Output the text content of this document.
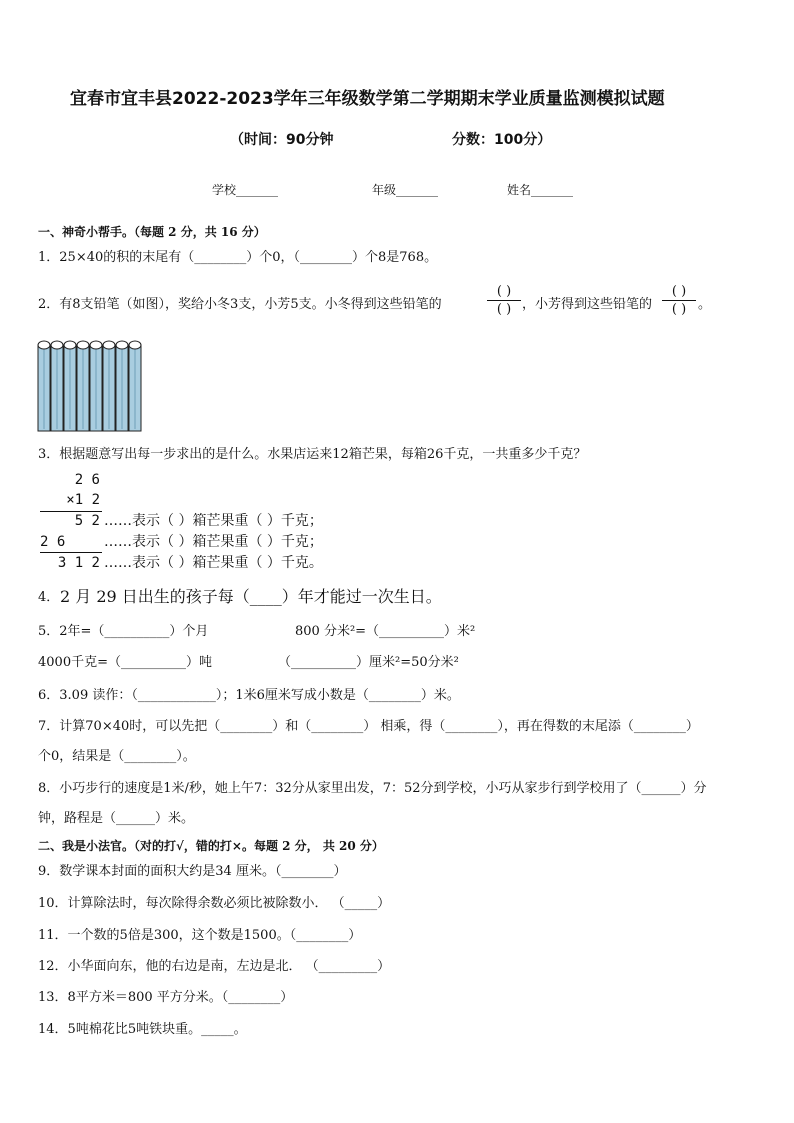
宜春市宜丰县2022-2023学年三年级数学第二学期期末学业质量监测模拟试题
（时间：90分钟	分数：100分）
学校_______	年级_______	姓名_______
一、神奇小帮手。（每题 2 分，共 16 分）
1．25×40的积的末尾有（________）个0，（________）个8是768。
2．有8支铅笔（如图），奖给小冬3支，小芳5支。小冬得到这些铅笔的
( )
( ) ，小芳得到这些铅笔的
( )
( ) 。
3．根据题意写出每一步求出的是什么。水果店运来12箱芒果，每箱26千克，一共重多少千克？
2 6
×1 2
5 2
2 6
3 1 2
……表示（ ）箱芒果重（ ）千克；
……表示（ ）箱芒果重（ ）千克；
……表示（ ）箱芒果重（ ）千克。
4． 2 月 29 日出生的孩子每（____）年才能过一次生日。
5．2年=（__________）个月	800 分米²=（__________）米²
4000千克=（__________）吨	（__________）厘米²=50分米²
6．3.09 读作：（____________）；1米6厘米写成小数是（________）米。
7．计算70×40时，可以先把（________）和（________） 相乘，得（________），再在得数的末尾添（________）
个0，结果是（________）。
8．小巧步行的速度是1米/秒，她上午7：32分从家里出发，7：52分到学校，小巧从家步行到学校用了（______）分
钟，路程是（______）米。
二、我是小法官。（对的打√，错的打×。每题 2 分， 共 20 分）
9．数学课本封面的面积大约是34 厘米。（________）
10．计算除法时，每次除得余数必须比被除数小． （_____）
11．一个数的5倍是300，这个数是1500。（________）
12．小华面向东，他的右边是南，左边是北． （_________）
13．8平方米＝800 平方分米。（________）
14．5吨棉花比5吨铁块重。_____。
